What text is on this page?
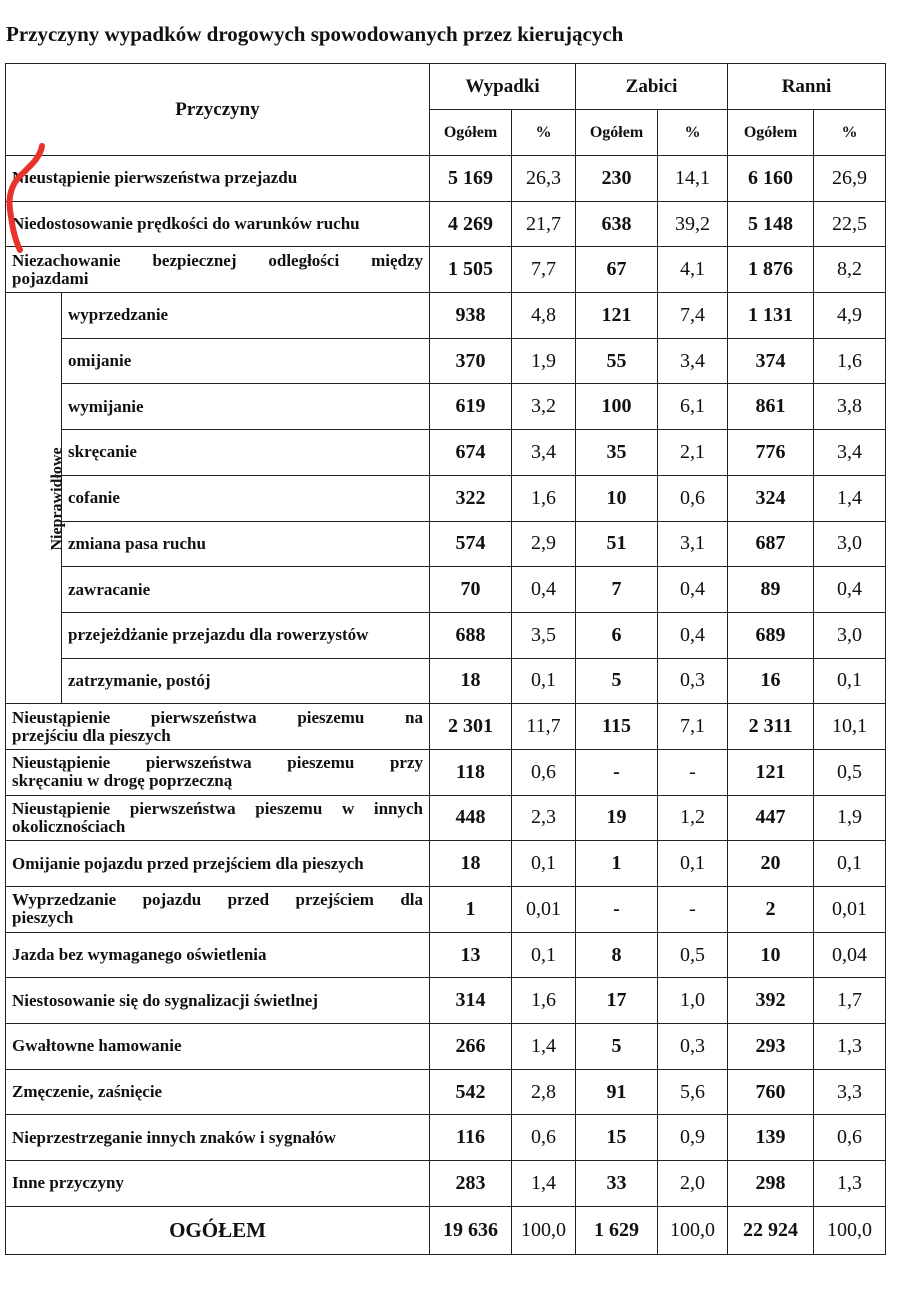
Przyczyny wypadków drogowych spowodowanych przez kierujących
Przyczyny		Wypadki		Zabici		Ranni	
		Ogółem	%	Ogółem	%	Ogółem	%
Nieustąpienie pierwszeństwa przejazdu		5 169	26,3	230	14,1	6 160	26,9
Niedostosowanie prędkości do warunków ruchu		4 269	21,7	638	39,2	5 148	22,5
Niezachowanie bezpiecznej odległości między
pojazdami		1 505	7,7	67	4,1	1 876	8,2
Nieprawidłowe	wyprzedzanie	938	4,8	121	7,4	1 131	4,9
	omijanie	370	1,9	55	3,4	374	1,6
	wymijanie	619	3,2	100	6,1	861	3,8
	skręcanie	674	3,4	35	2,1	776	3,4
	cofanie	322	1,6	10	0,6	324	1,4
	zmiana pasa ruchu	574	2,9	51	3,1	687	3,0
	zawracanie	70	0,4	7	0,4	89	0,4
	przejeżdżanie przejazdu dla rowerzystów	688	3,5	6	0,4	689	3,0
	zatrzymanie, postój	18	0,1	5	0,3	16	0,1
Nieustąpienie pierwszeństwa pieszemu na
przejściu dla pieszych		2 301	11,7	115	7,1	2 311	10,1
Nieustąpienie pierwszeństwa pieszemu przy
skręcaniu w drogę poprzeczną		118	0,6	-	-	121	0,5
Nieustąpienie pierwszeństwa pieszemu w innych
okolicznościach		448	2,3	19	1,2	447	1,9
Omijanie pojazdu przed przejściem dla pieszych		18	0,1	1	0,1	20	0,1
Wyprzedzanie pojazdu przed przejściem dla
pieszych		1	0,01	-	-	2	0,01
Jazda bez wymaganego oświetlenia		13	0,1	8	0,5	10	0,04
Niestosowanie się do sygnalizacji świetlnej		314	1,6	17	1,0	392	1,7
Gwałtowne hamowanie		266	1,4	5	0,3	293	1,3
Zmęczenie, zaśnięcie		542	2,8	91	5,6	760	3,3
Nieprzestrzeganie innych znaków i sygnałów		116	0,6	15	0,9	139	0,6
Inne przyczyny		283	1,4	33	2,0	298	1,3
OGÓŁEM		19 636	100,0	1 629	100,0	22 924	100,0
